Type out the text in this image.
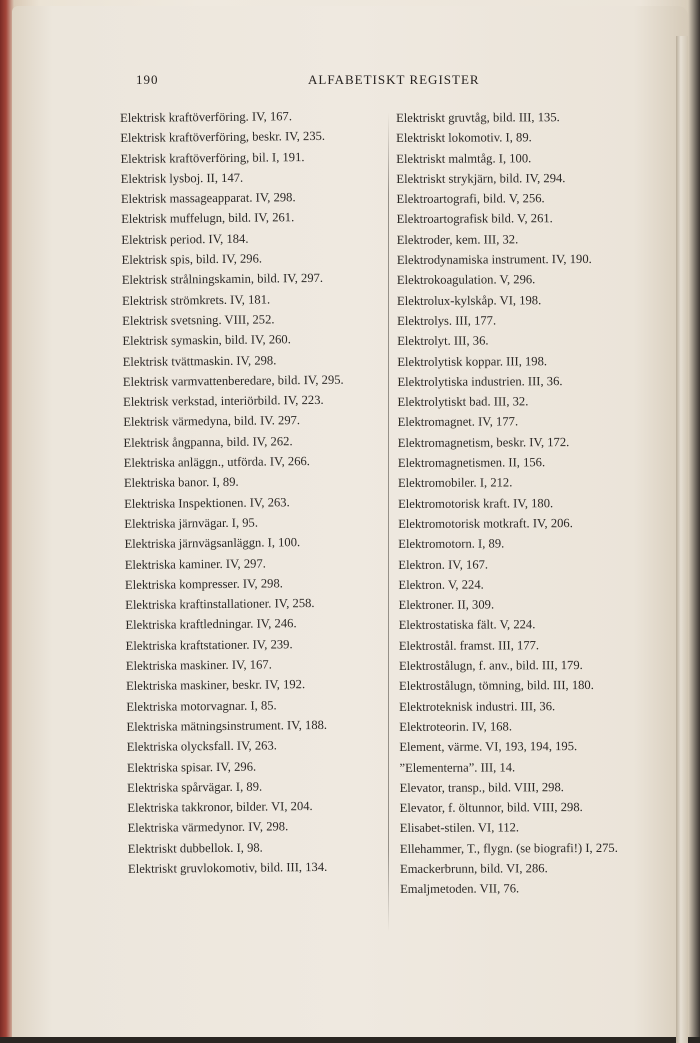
190	ALFABETISKT REGISTER
Elektrisk kraftöverföring. IV, 167.
Elektrisk kraftöverföring, beskr. IV, 235.
Elektrisk kraftöverföring, bil. I, 191.
Elektrisk lysboj. II, 147.
Elektrisk massageapparat. IV, 298.
Elektrisk muffelugn, bild. IV, 261.
Elektrisk period. IV, 184.
Elektrisk spis, bild. IV, 296.
Elektrisk strålningskamin, bild. IV, 297.
Elektrisk strömkrets. IV, 181.
Elektrisk svetsning. VIII, 252.
Elektrisk symaskin, bild. IV, 260.
Elektrisk tvättmaskin. IV, 298.
Elektrisk varmvattenberedare, bild. IV, 295.
Elektrisk verkstad, interiörbild. IV, 223.
Elektrisk värmedyna, bild. IV. 297.
Elektrisk ångpanna, bild. IV, 262.
Elektriska anläggn., utförda. IV, 266.
Elektriska banor. I, 89.
Elektriska Inspektionen. IV, 263.
Elektriska järnvägar. I, 95.
Elektriska järnvägsanläggn. I, 100.
Elektriska kaminer. IV, 297.
Elektriska kompresser. IV, 298.
Elektriska kraftinstallationer. IV, 258.
Elektriska kraftledningar. IV, 246.
Elektriska kraftstationer. IV, 239.
Elektriska maskiner. IV, 167.
Elektriska maskiner, beskr. IV, 192.
Elektriska motorvagnar. I, 85.
Elektriska mätningsinstrument. IV, 188.
Elektriska olycksfall. IV, 263.
Elektriska spisar. IV, 296.
Elektriska spårvägar. I, 89.
Elektriska takkronor, bilder. VI, 204.
Elektriska värmedynor. IV, 298.
Elektriskt dubbellok. I, 98.
Elektriskt gruvlokomotiv, bild. III, 134.
Elektriskt gruvtåg, bild. III, 135.
Elektriskt lokomotiv. I, 89.
Elektriskt malmtåg. I, 100.
Elektriskt strykjärn, bild. IV, 294.
Elektroartografi, bild. V, 256.
Elektroartografisk bild. V, 261.
Elektroder, kem. III, 32.
Elektrodynamiska instrument. IV, 190.
Elektrokoagulation. V, 296.
Elektrolux-kylskåp. VI, 198.
Elektrolys. III, 177.
Elektrolyt. III, 36.
Elektrolytisk koppar. III, 198.
Elektrolytiska industrien. III, 36.
Elektrolytiskt bad. III, 32.
Elektromagnet. IV, 177.
Elektromagnetism, beskr. IV, 172.
Elektromagnetismen. II, 156.
Elektromobiler. I, 212.
Elektromotorisk kraft. IV, 180.
Elektromotorisk motkraft. IV, 206.
Elektromotorn. I, 89.
Elektron. IV, 167.
Elektron. V, 224.
Elektroner. II, 309.
Elektrostatiska fält. V, 224.
Elektrostål. framst. III, 177.
Elektrostålugn, f. anv., bild. III, 179.
Elektrostålugn, tömning, bild. III, 180.
Elektroteknisk industri. III, 36.
Elektroteorin. IV, 168.
Element, värme. VI, 193, 194, 195.
”Elementerna”. III, 14.
Elevator, transp., bild. VIII, 298.
Elevator, f. öltunnor, bild. VIII, 298.
Elisabet-stilen. VI, 112.
Ellehammer, T., flygn. (se biografi!) I, 275.
Emackerbrunn, bild. VI, 286.
Emaljmetoden. VII, 76.
